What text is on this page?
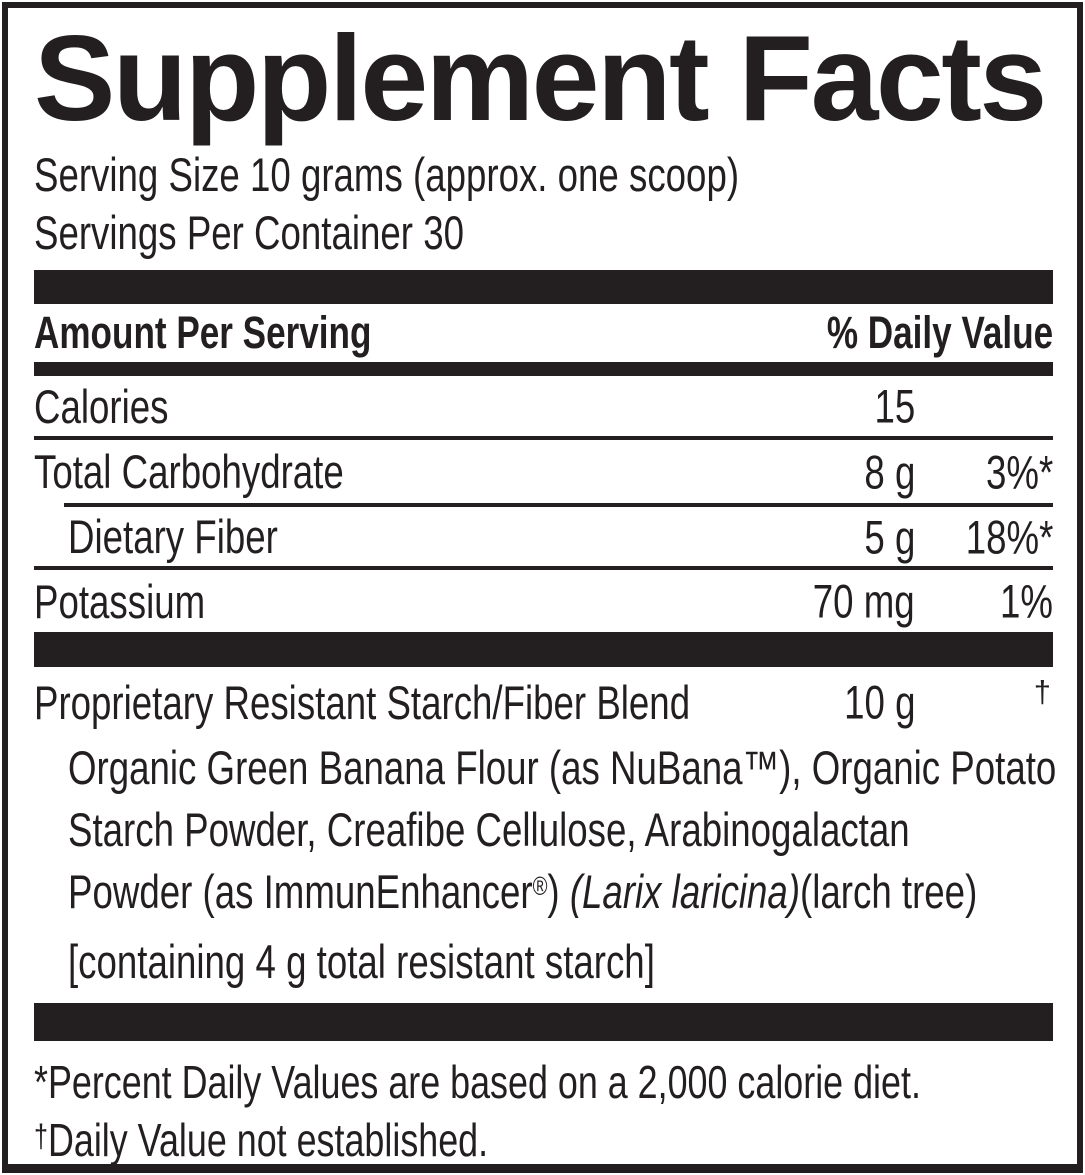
Supplement Facts
Serving Size 10 grams (approx. one scoop)
Servings Per Container 30
Amount Per Serving	% Daily Value
Calories	15
Total Carbohydrate	8 g 3%*
Dietary Fiber	5 g 18%*
Potassium	70 mg 1%
Proprietary Resistant Starch/Fiber Blend	10 g	†
Organic Green Banana Flour (as NuBana™), Organic Potato
Starch Powder, Creafibe Cellulose, Arabinogalactan
Powder (as ImmunEnhancer®) (Larix laricina)(larch tree)
[containing 4 g total resistant starch]
*Percent Daily Values are based on a 2,000 calorie diet.
†Daily Value not established.
